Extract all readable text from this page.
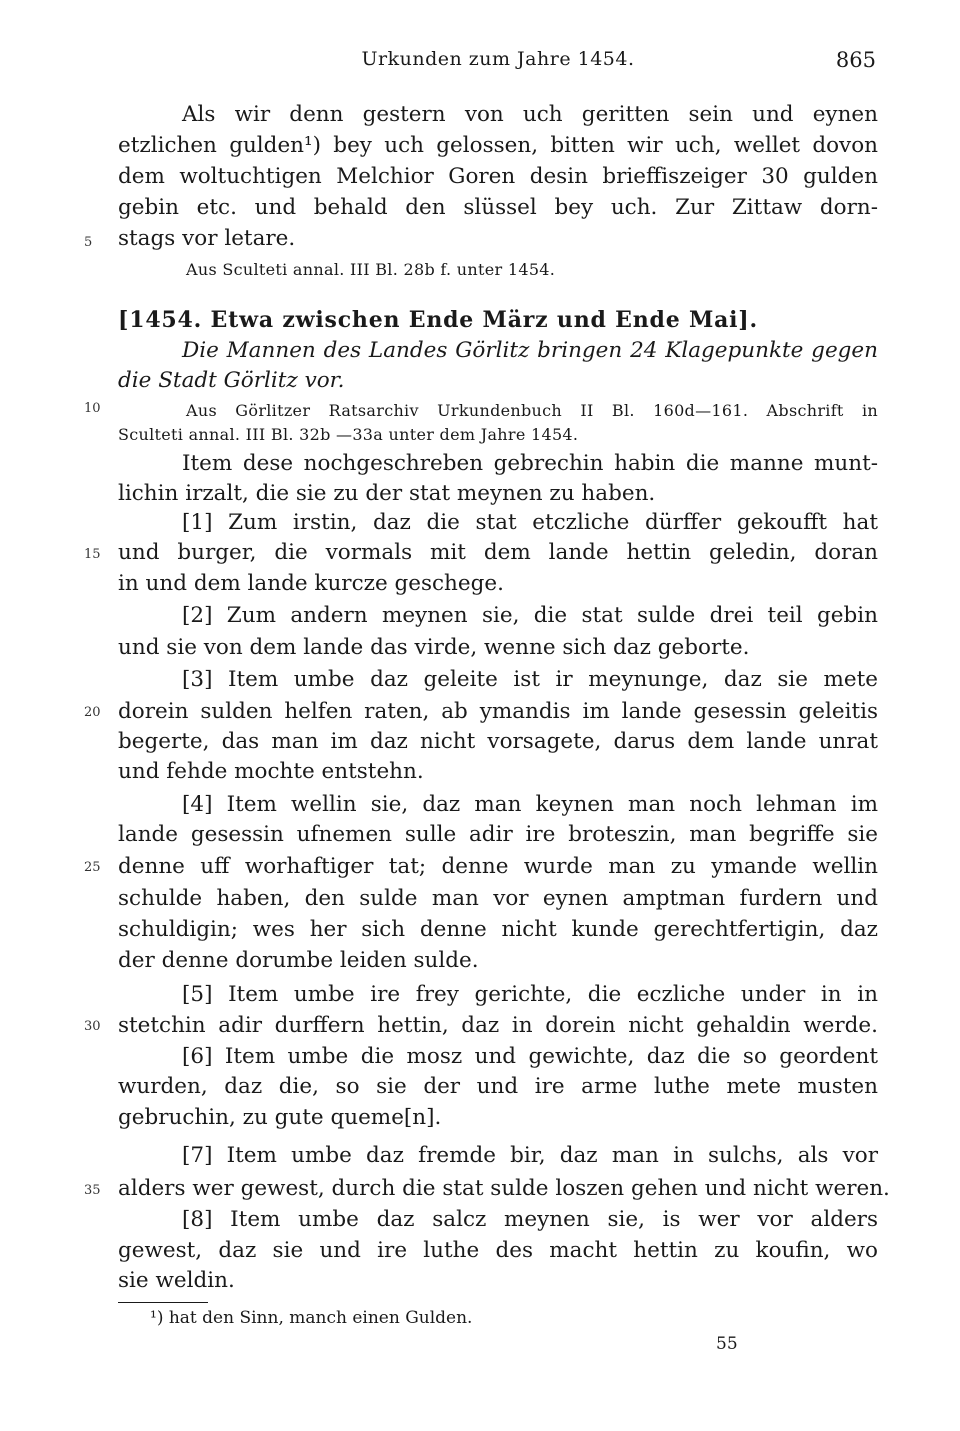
Urkunden zum Jahre 1454.	865
Als wir denn gestern von uch geritten sein und eynen
etzlichen gulden¹) bey uch gelossen, bitten wir uch, wellet dovon
dem woltuchtigen Melchior Goren desin brieffiszeiger 30 gulden
gebin etc. und behald den slüssel bey uch. Zur Zittaw dorn-
stags vor letare.
Aus Sculteti annal. III Bl. 28b f. unter 1454.
[1454. Etwa zwischen Ende März und Ende Mai].
Die Mannen des Landes Görlitz bringen 24 Klagepunkte gegen
die Stadt Görlitz vor.
Aus Görlitzer Ratsarchiv Urkundenbuch II Bl. 160d—161. Abschrift in
Sculteti annal. III Bl. 32b —33a unter dem Jahre 1454.
Item dese nochgeschreben gebrechin habin die manne munt-
lichin irzalt, die sie zu der stat meynen zu haben.
[1] Zum irstin, daz die stat etczliche dürffer gekoufft hat
und burger, die vormals mit dem lande hettin geledin, doran
in und dem lande kurcze geschege.
[2] Zum andern meynen sie, die stat sulde drei teil gebin
und sie von dem lande das virde, wenne sich daz geborte.
[3] Item umbe daz geleite ist ir meynunge, daz sie mete
dorein sulden helfen raten, ab ymandis im lande gesessin geleitis
begerte, das man im daz nicht vorsagete, darus dem lande unrat
und fehde mochte entstehn.
[4] Item wellin sie, daz man keynen man noch lehman im
lande gesessin ufnemen sulle adir ire broteszin, man begriffe sie
denne uff worhaftiger tat; denne wurde man zu ymande wellin
schulde haben, den sulde man vor eynen amptman furdern und
schuldigin; wes her sich denne nicht kunde gerechtfertigin, daz
der denne dorumbe leiden sulde.
[5] Item umbe ire frey gerichte, die eczliche under in in
stetchin adir durffern hettin, daz in dorein nicht gehaldin werde.
[6] Item umbe die mosz und gewichte, daz die so geordent
wurden, daz die, so sie der und ire arme luthe mete musten
gebruchin, zu gute queme[n].
[7] Item umbe daz fremde bir, daz man in sulchs, als vor
alders wer gewest, durch die stat sulde loszen gehen und nicht weren.
[8] Item umbe daz salcz meynen sie, is wer vor alders
gewest, daz sie und ire luthe des macht hettin zu koufin, wo
sie weldin.
5
10
15
20
25
30
35
¹) hat den Sinn, manch einen Gulden.
55
